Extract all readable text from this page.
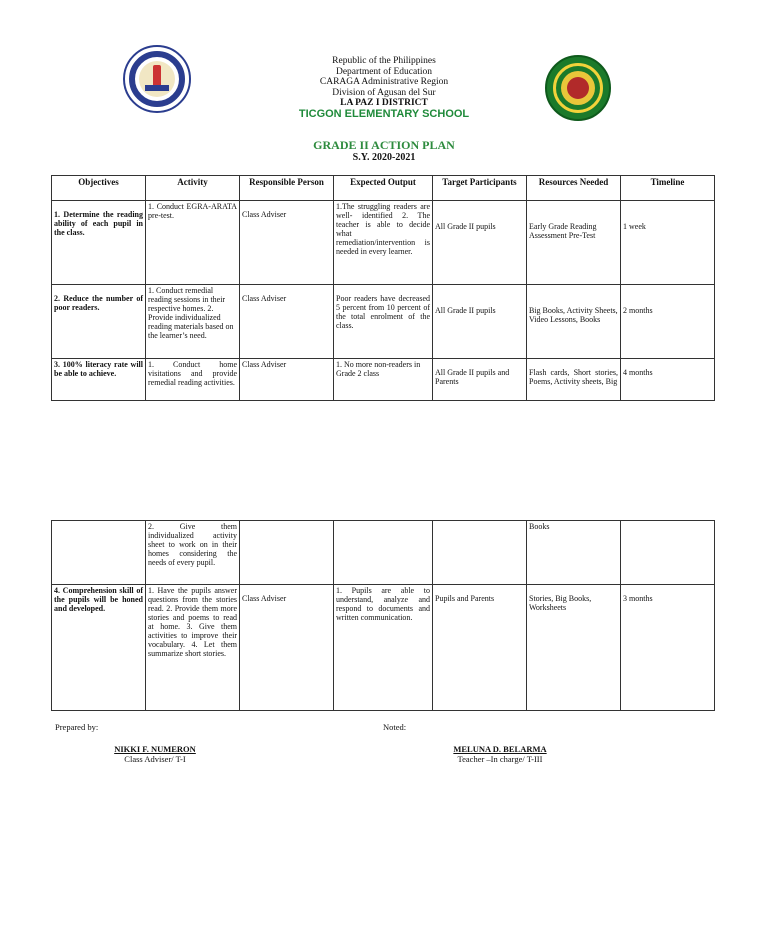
Republic of the Philippines
Department of Education
CARAGA Administrative Region
Division of Agusan del Sur
LA PAZ I DISTRICT
TICGON ELEMENTARY SCHOOL
GRADE II ACTION PLAN
S.Y. 2020-2021
Objectives	Activity	Responsible Person	Expected Output	Target Participants	Resources Needed	Timeline
1. Determine the reading ability of each pupil in the class.	1. Conduct EGRA-ARATA pre-test.	Class Adviser	1.The struggling readers are well- identified 2. The teacher is able to decide what remediation/intervention is needed in every learner.	All Grade II pupils	Early Grade Reading Assessment Pre-Test	1 week
2. Reduce the number of poor readers.	1. Conduct remedial reading sessions in their respective homes. 2. Provide individualized reading materials based on the learner’s need.	Class Adviser	Poor readers have decreased 5 percent from 10 percent of the total enrolment of the class.	All Grade II pupils	Big Books, Activity Sheets, Video Lessons, Books	2 months
3. 100% literacy rate will be able to achieve.	1. Conduct home visitations and provide remedial reading activities.	Class Adviser	1. No more non-readers in Grade 2 class	All Grade II pupils and Parents	Flash cards, Short stories, Poems, Activity sheets, Big	4 months
	2. Give them individualized activity sheet to work on in their homes considering the needs of every pupil.				Books	
4. Comprehension skill of the pupils will be honed and developed.	1. Have the pupils answer questions from the stories read. 2. Provide them more stories and poems to read at home. 3. Give them activities to improve their vocabulary. 4. Let them summarize short stories.	Class Adviser	1. Pupils are able to understand, analyze and respond to documents and written communication.	Pupils and Parents	Stories, Big Books, Worksheets	3 months
Prepared by:	Noted:
NIKKI F. NUMERON
Class Adviser/ T-I
MELUNA D. BELARMA
Teacher –In charge/ T-III
